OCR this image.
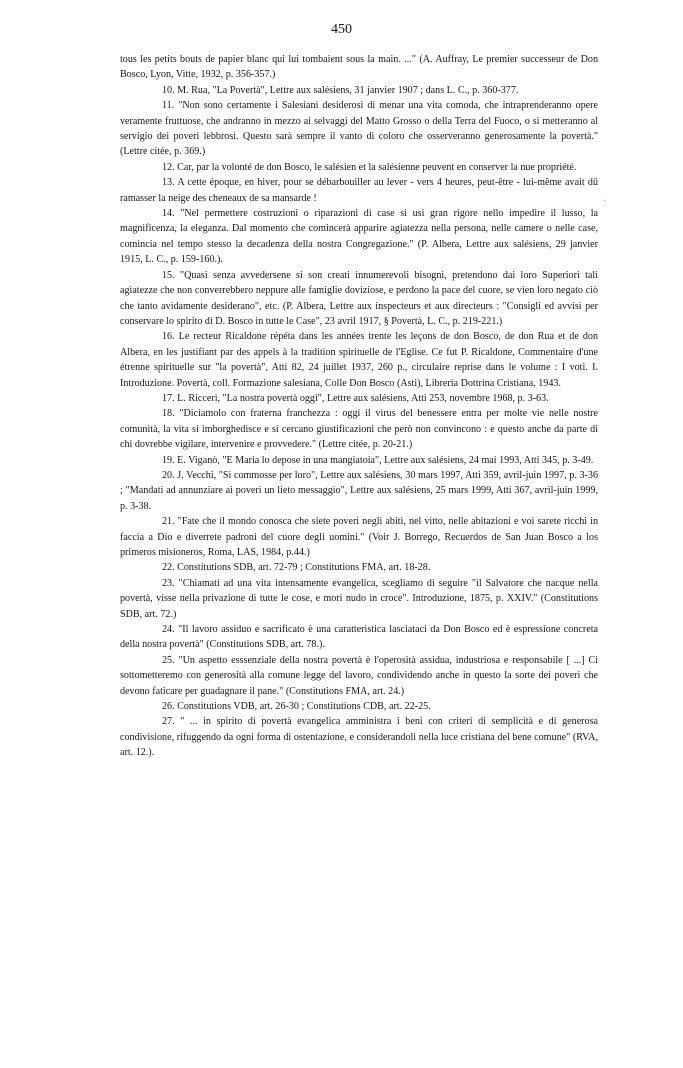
450

tous les petits bouts de papier blanc qui lui tombaient sous la main. ..." (A. Auffray, Le premier successeur de Don Bosco, Lyon, Vitte, 1932, p. 356-357.)

10. M. Rua, "La Povertà", Lettre aux salésiens, 31 janvier 1907 ; dans L. C., p. 360-377.

11. "Non sono certamente i Salesiani desiderosi di menar una vita comoda, che intraprenderanno opere veramente fruttuose, che andranno in mezzo ai selvaggi del Matto Grosso o della Terra del Fuoco, o si metteranno al servigio dei poveri lebbrosi. Questo sarà sempre il vanto di coloro che osserveranno generosamente la povertà." (Lettre citée, p. 369.)

12. Car, par la volonté de don Bosco, le salésien et la salésienne peuvent en conserver la nue propriété.

13. A cette époque, en hiver, pour se débarbouiller au lever - vers 4 heures, peut-être - lui-même avait dû ramasser la neige des cheneaux de sa mansarde !

14. "Nel permettere costruzioni o riparazioni di case si usi gran rigore nello impedire il lusso, la magnificenza, la eleganza. Dal momento che comincerà apparire agiatezza nella persona, nelle camere o nelle case, comincia nel tempo stesso la decadenza della nostra Congregazione." (P. Albera, Lettre aux salésiens, 29 janvier 1915, L. C., p. 159-160.).

15. "Quasi senza avvedersene si son creati innumerevoli bisogni, pretendono dai loro Superiori tali agiatezze che non converrebbero neppure alle famiglie doviziose, e perdono la pace del cuore, se vien loro negato ciò che tanto avidamente desiderano", etc. (P. Albera, Lettre aux inspecteurs et aux directeurs : "Consigli ed avvisi per conservare lo spirito di D. Bosco in tutte le Case", 23 avril 1917, § Povertà, L. C., p. 219-221.)

16. Le recteur Ricaldone répéta dans les années trente les leçons de don Bosco, de don Rua et de don Albera, en les justifiant par des appels à la tradition spirituelle de l'Eglise. Ce fut P. Ricaldone, Commentaire d'une étrenne spirituelle sur "la povertà", Atti 82, 24 juillet 1937, 260 p., circulaire reprise dans le volume : I voti. I. Introduzione. Povertà, coll. Formazione salesiana, Colle Don Bosco (Asti), Libreria Dottrina Cristiana, 1943.

17. L. Ricceri, "La nostra povertà oggi", Lettre aux salésiens, Atti 253, novembre 1968, p. 3-63.

18. "Diciamolo con fraterna franchezza : oggi il virus del benessere entra per molte vie nelle nostre comunità, la vita si imborghedisce e si cercano giustificazioni che però non convincono : e questo anche da parte di chi dovrebbe vigilare, intervenire e provvedere." (Lettre citée, p. 20-21.)

19. E. Viganò, "E Maria lo depose in una mangiatoia", Lettre aux salésiens, 24 mai 1993, Atti 345, p. 3-49.

20. J. Vecchi, "Si commosse per loro", Lettre aux salésiens, 30 mars 1997, Atti 359, avril-juin 1997, p. 3-36 ; "Mandati ad annunziare ai poveri un lieto messaggio", Lettre aux salésiens, 25 mars 1999, Atti 367, avril-juin 1999, p. 3-38.

21. "Fate che il mondo conosca che siete poveri negli abiti, nel vitto, nelle abitazioni e voi sarete ricchi in faccia a Dio e diverrete padroni del cuore degli uomini." (Voir J. Borrego, Recuerdos de San Juan Bosco a los primeros misioneros, Roma, LAS, 1984, p.44.)

22. Constitutions SDB, art. 72-79 ; Constitutions FMA, art. 18-28.

23. "Chiamati ad una vita intensamente evangelica, scegliamo di seguire "il Salvatore che nacque nella povertà, visse nella privazione di tutte le cose, e morì nudo in croce". Introduzione, 1875, p. XXIV." (Constitutions SDB, art. 72.)

24. "Il lavoro assiduo e sacrificato è una caratteristica lasciataci da Don Bosco ed è espressione concreta della nostra povertà" (Constitutions SDB, art. 78.).

25. "Un aspetto esssenziale della nostra povertà è l'operosità assidua, industriosa e responsabile [ ...] Ci sottometteremo con generosità alla comune legge del lavoro, condividendo anche in questo la sorte dei poveri che devono faticare per guadagnare il pane." (Constitutions FMA, art. 24.)

26. Constitutions VDB, art. 26-30 ; Constitutions CDB, art. 22-25.

27. " ... in spirito di povertà evangelica amministra i beni con criteri di semplicità e di generosa condivisione, rifuggendo da ogni forma di ostentazione, e considerandoli nella luce cristiana del bene comune" (RVA, art. 12.).

·
